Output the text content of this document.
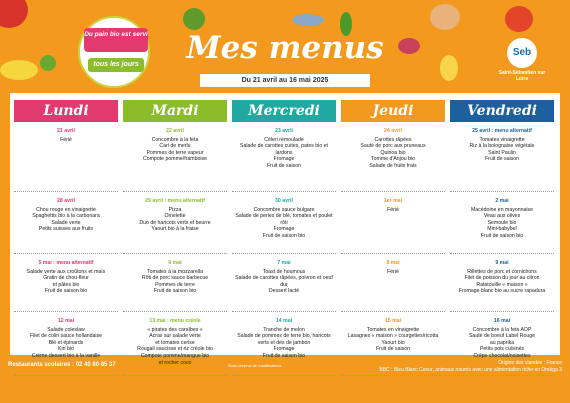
Mes menus
Du 21 avril au 16 mai 2025
Du pain bio est servi
tous les jours
Seb
Saint-Sébastien sur Loire
Lundi	Mardi	Mercredi	Jeudi	Vendredi
21 avril
Férié
22 avril
Concombre à la feta
Cari de merlu
Pommes de terre vapeur
Compote pomme/framboise
23 avril
Céleri rémoulade
Salade de carottes cuites, pates bio et lardons
Fromage
Fruit de saison
24 avril
Carottes râpées
Sauté de porc aux pruneaux
Quinoa bio
Tomme d'Anjou bio
Salade de fruits frais
25 avril : menu alternatif
Tomates vinaigrette
Riz à la bolognaise végétale
Saint Paulin
Fruit de saison
28 avril
Chou rouge en vinaigrette
Spaghettis bio à la carbonara
Salade verte
Petits suisses aux fruits
29 avril : menu alternatif
Pizza
Omelette
Duo de haricots verts et beurre
Yaourt bio à la fraise
30 avril
Concombre sauce bulgare
Salade de perles de blé, tomates et poulet rôti
Fromage
Fruit de saison bio
1er mai
Férié
2 mai
Macédoine en mayonnaise
Veau aux olives
Semoule bio
Mini-babybel
Fruit de saison bio
5 mai : menu alternatif
Salade verte aux croûtons et maïs
Gratin de chou-fleur
et pâtes bio
Fruit de saison bio
6 mai
Tomates à la mozzarella
Rôti de porc sauce barbecue
Pommes de terre
Fruit de saison bio
7 mai
Toast de houmous
Salade de carottes râpées, poivron et oeuf dur
Dessert lacté
8 mai
Férié
9 mai
Rillettes de porc et cornichons
Filet de poisson du jour au citron
Ratatouille « maison »
Fromage blanc bio au sucre rapadura
12 mai
Salade coleslaw
Filet de colin sauce hollandaise
Blé et épinards
Kiri bio
Crème dessert bio à la vanille
13 mai : menu créole
« pirates des caraïbes »
Acras sur salade verte
et tomates cerise
Rougail saucisse et riz créole bio
Compote pomme/mangue bio
et rocher coco
14 mai
Tranche de melon
Salade de pommes de terre bio, haricots verts et dés de jambon
Fromage
Fruit de saison bio
15 mai
Tomates en vinaigrette
Lasagnes « maison » courgettes/ricotta
Yaourt bio
Fruit de saison
16 mai
Concombre à la feta AOP
Sauté de boeuf Label Rouge
au paprika
Petits pois cuisinés
Crêpe chocolat/noisettes
Restaurants scolaires : 02 40 80 85 37	Sous réserve de modifications	Origine des viandes : France
BBC : Bleu Blanc Coeur, animaux nourris avec une alimentation riche en Oméga 3
